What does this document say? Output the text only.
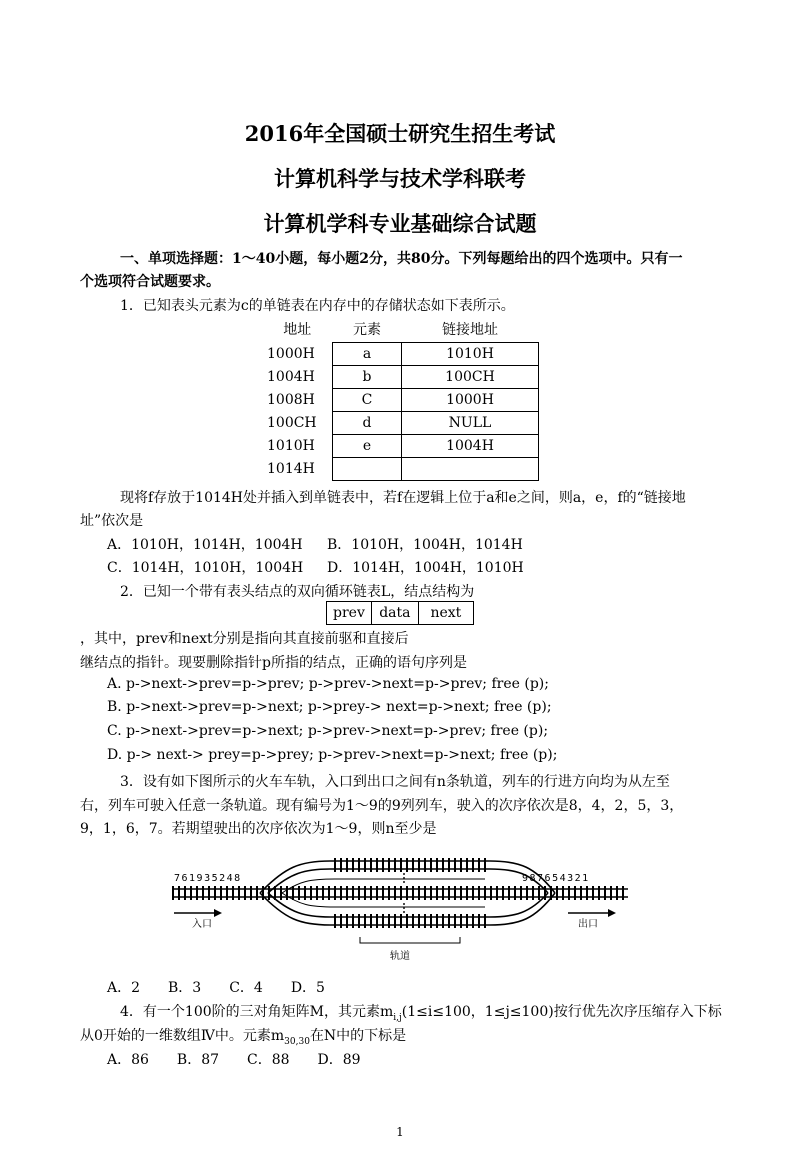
2016年全国硕士研究生招生考试
计算机科学与技术学科联考
计算机学科专业基础综合试题
一、单项选择题：1～40小题，每小题2分，共80分。下列每题给出的四个选项中。只有一
个选项符合试题要求。
1．已知表头元素为c的单链表在内存中的存储状态如下表所示。
地址	元素	链接地址
1000H	a	1010H
1004H	b	100CH
1008H	C	1000H
100CH	d	NULL
1010H	e	1004H
1014H		
现将f存放于1014H处并插入到单链表中，若f在逻辑上位于a和e之间，则a，e，f的“链接地
址”依次是
A．1010H，1014H，1004H B．1010H，1004H，1014H
C．1014H，1010H，1004H D．1014H，1004H，1010H
2．已知一个带有表头结点的双向循环链表L，结点结构为
prev	data	next
，其中，prev和next分别是指向其直接前驱和直接后
继结点的指针。现要删除指针p所指的结点，正确的语句序列是
A. p->next->prev=p->prev; p->prev->next=p->prev; free (p);
B. p->next->prev=p->next; p->prey-> next=p->next; free (p);
C. p->next->prev=p->next; p->prev->next=p->prev; free (p);
D. p-> next-> prey=p->prey; p->prev->next=p->next; free (p);
3．设有如下图所示的火车车轨，入口到出口之间有n条轨道，列车的行进方向均为从左至
右，列车可驶入任意一条轨道。现有编号为1～9的9列列车，驶入的次序依次是8，4，2，5，3，
9，1，6，7。若期望驶出的次序依次为1～9，则n至少是
761935248	987654321
入口	出口
轨道
A．2　　B．3　　C．4　　D．5
4．有一个100阶的三对角矩阵M，其元素$m_{i,j}(1\le i\le 100$，1≤j≤100)按行优先次序压缩存入下标
从0开始的一维数组Ⅳ中。元素$m_{30,30}$在N中的下标是
A．86　　B．87　　C．88　　D．89
1
